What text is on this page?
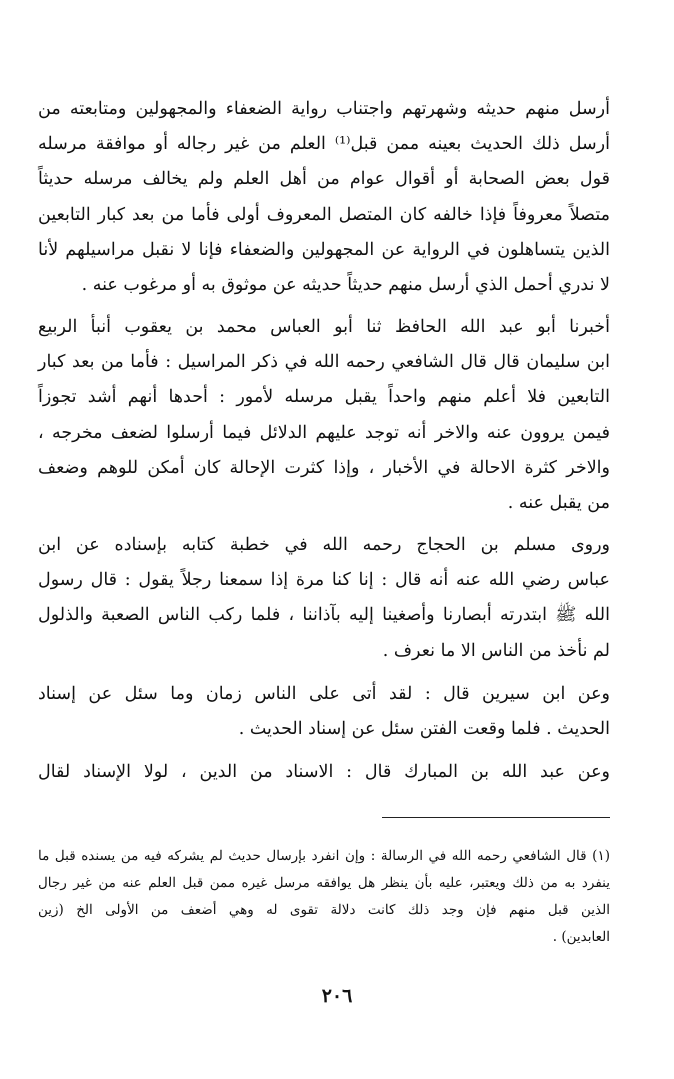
أرسل منهم حديثه وشهرتهم واجتناب رواية الضعفاء والمجهولين ومتابعته من
أرسل ذلك الحديث بعينه ممن قبل⁽¹⁾ العلم من غير رجاله أو موافقة مرسله
قول بعض الصحابة أو أقوال عوام من أهل العلم ولم يخالف مرسله حديثاً
متصلاً معروفاً فإذا خالفه كان المتصل المعروف أولى فأما من بعد كبار التابعين
الذين يتساهلون في الرواية عن المجهولين والضعفاء فإنا لا نقبل مراسيلهم لأنا
لا ندري أحمل الذي أرسل منهم حديثاً حديثه عن موثوق به أو مرغوب عنه .
أخبرنا أبو عبد الله الحافظ ثنا أبو العباس محمد بن يعقوب أنبأ الربيع
ابن سليمان قال قال الشافعي رحمه الله في ذكر المراسيل : فأما من بعد كبار
التابعين فلا أعلم منهم واحداً يقبل مرسله لأمور : أحدها أنهم أشد تجوزاً
فيمن يروون عنه والاخر أنه توجد عليهم الدلائل فيما أرسلوا لضعف مخرجه ،
والاخر كثرة الاحالة في الأخبار ، وإذا كثرت الإحالة كان أمكن للوهم وضعف
من يقبل عنه .
وروى مسلم بن الحجاج رحمه الله في خطبة كتابه بإسناده عن ابن
عباس رضي الله عنه أنه قال : إنا كنا مرة إذا سمعنا رجلاً يقول : قال رسول
الله ﷺ ابتدرته أبصارنا وأصغينا إليه بآذاننا ، فلما ركب الناس الصعبة والذلول
لم نأخذ من الناس الا ما نعرف .
وعن ابن سيرين قال : لقد أتى على الناس زمان وما سئل عن إسناد
الحديث . فلما وقعت الفتن سئل عن إسناد الحديث .
وعن عبد الله بن المبارك قال : الاسناد من الدين ، لولا الإسناد لقال
(١) قال الشافعي رحمه الله في الرسالة : وإن انفرد بإرسال حديث لم يشركه فيه من يسنده قبل ما
ينفرد به من ذلك ويعتبر، عليه بأن ينظر هل يوافقه مرسل غيره ممن قبل العلم عنه من غير رجال
الذين قبل منهم فإن وجد ذلك كانت دلالة تقوى له وهي أضعف من الأولى الخ (زين
العابدين) .
٢٠٦
